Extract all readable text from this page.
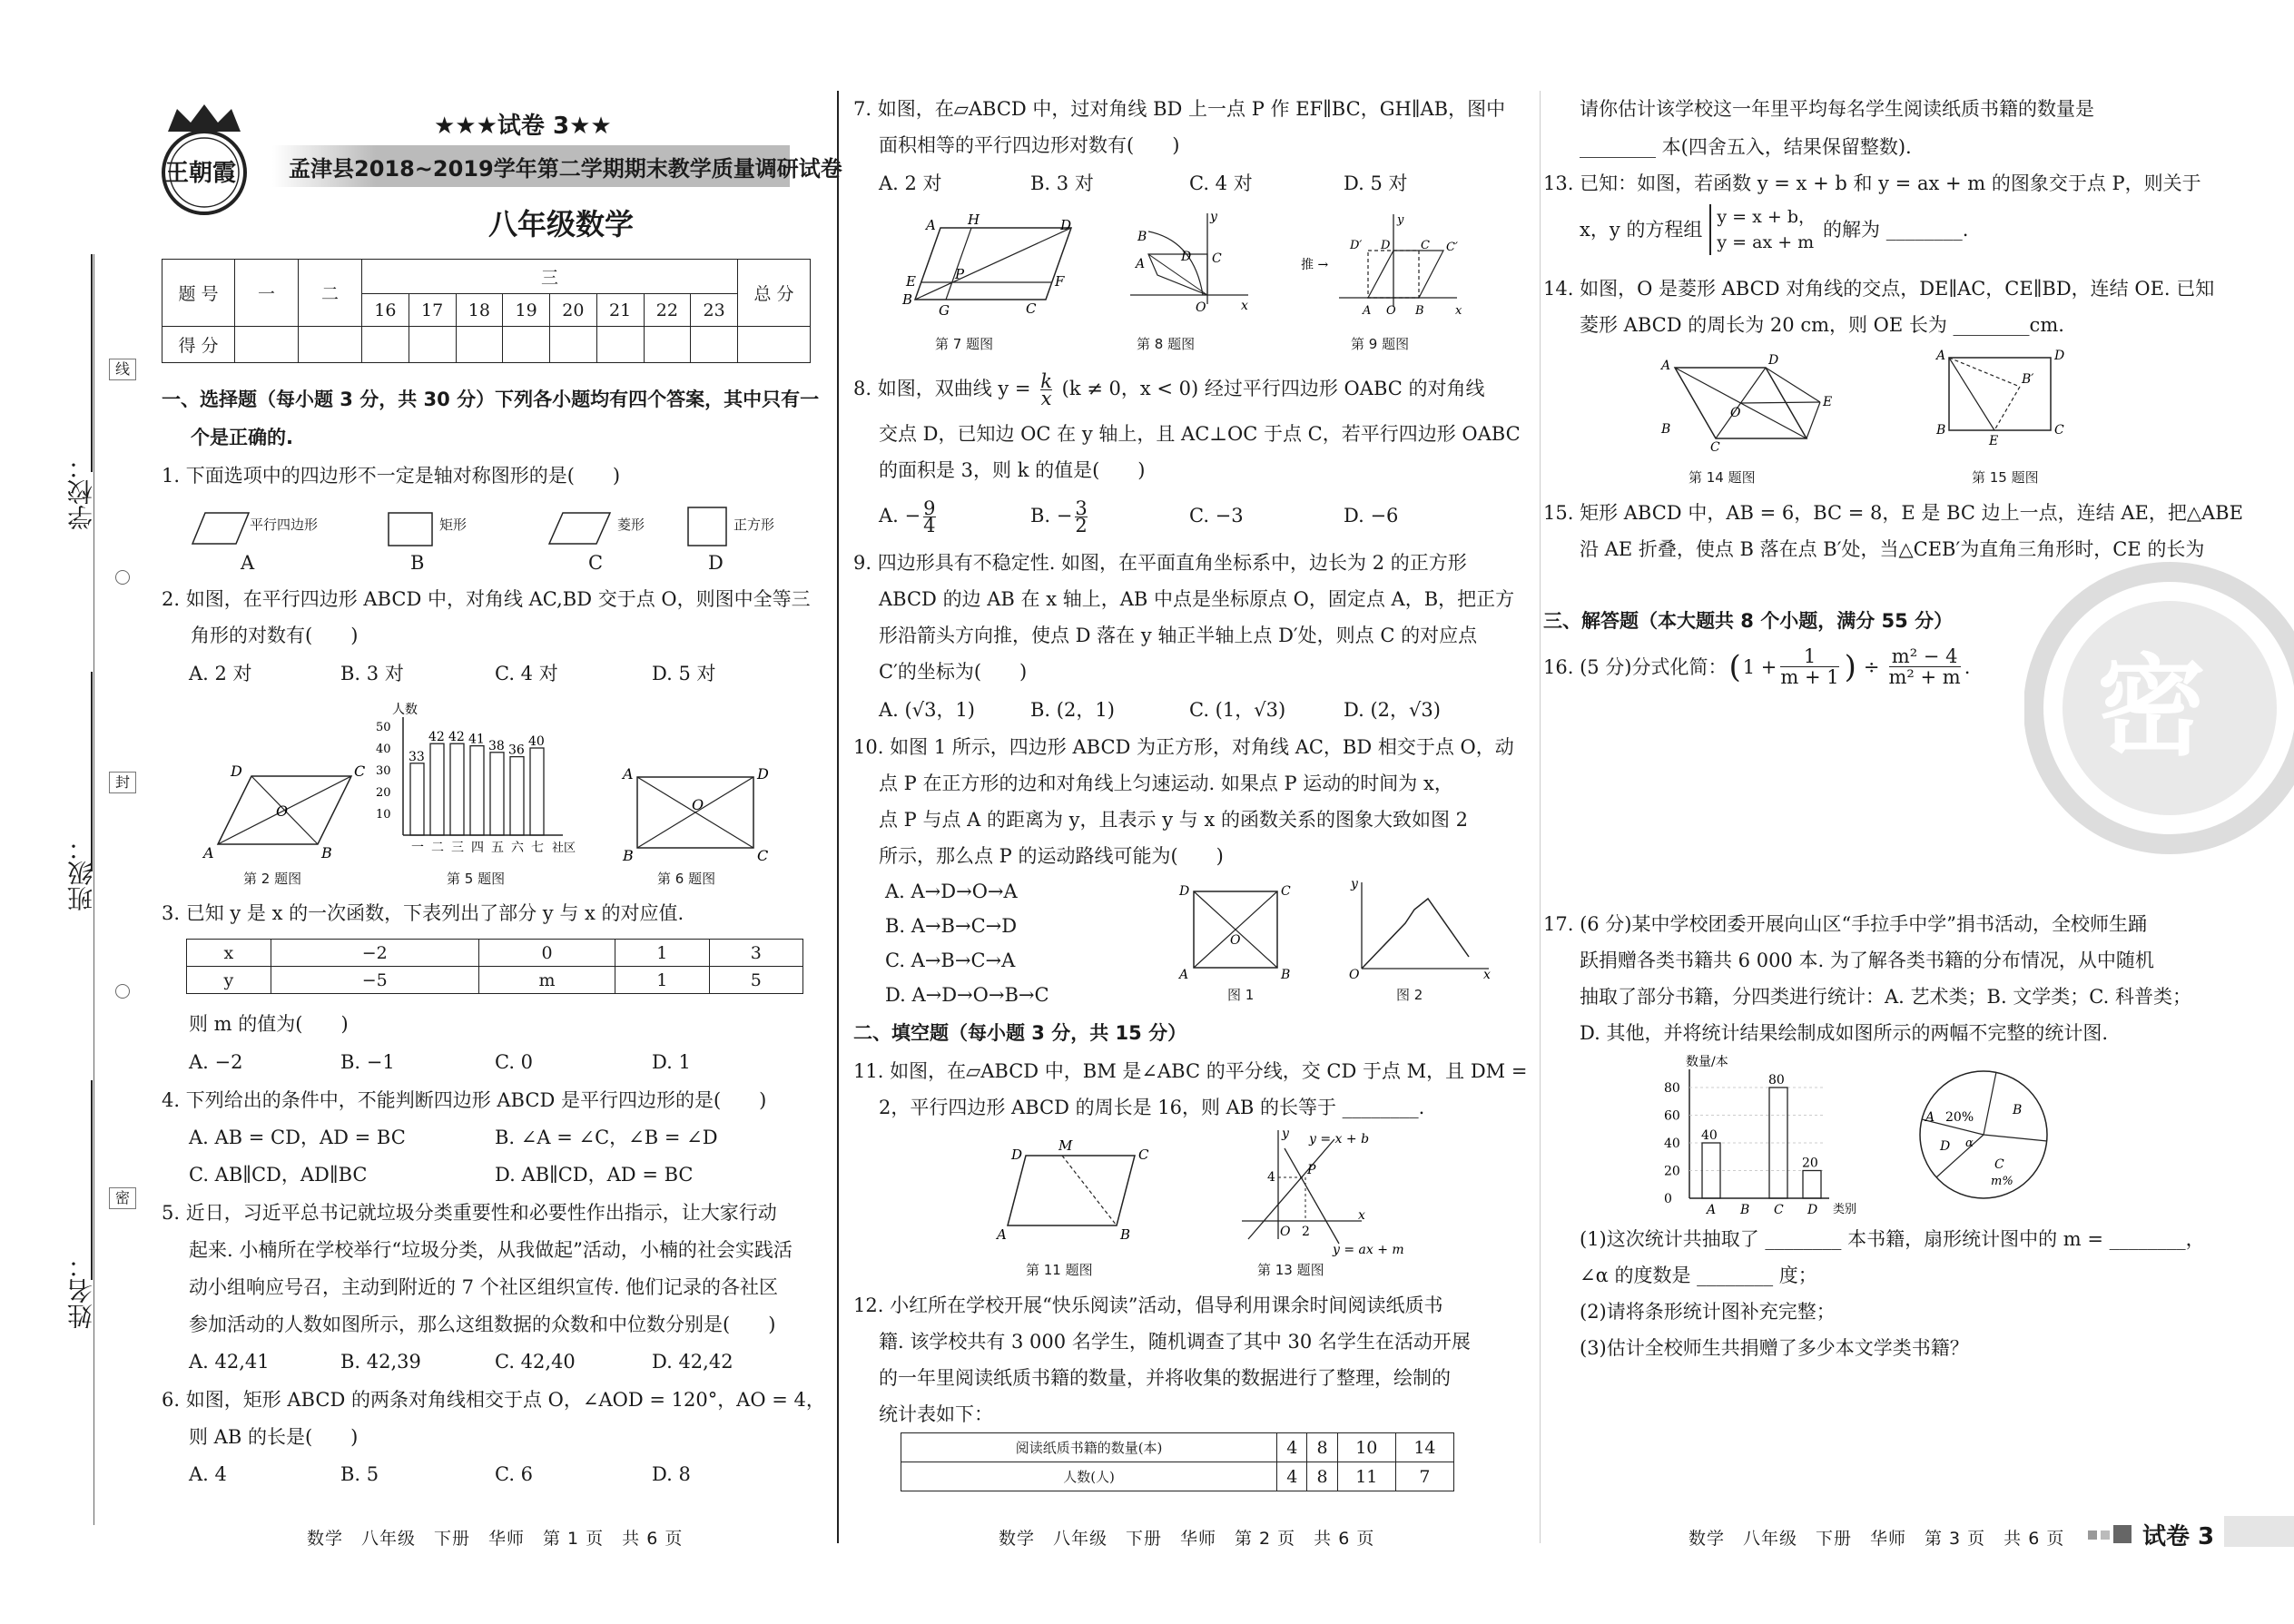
学校：
班级：
姓名：
线
封
密
王朝霞
★★★试卷 3★★
孟津县2018~2019学年第二学期期末教学质量调研试卷
八年级数学
题 号	一	二	三								总 分
			16	17	18	19	20	21	22	23	
得 分											
一、选择题（每小题 3 分，共 30 分）下列各小题均有四个答案，其中只有一
个是正确的.
1. 下面选项中的四边形不一定是轴对称图形的是(　　)
平行四边形	矩形	菱形	正方形
A	B	C	D
2. 如图，在平行四边形 ABCD 中，对角线 AC,BD 交于点 O，则图中全等三
角形的对数有(　　)
A. 2 对	B. 3 对	C. 4 对	D. 5 对
D	C
A	B
O
第 2 题图
人数
33
一
42
二
42
三
41
四
38
五
36
六
40
七 社区
10
20
30
40
50
第 5 题图
A	D
B	C
O
第 6 题图
3. 已知 y 是 x 的一次函数，下表列出了部分 y 与 x 的对应值.
x	−2	0	1	3
y	−5	m	1	5
则 m 的值为(　　)
A. −2	B. −1	C. 0	D. 1
4. 下列给出的条件中，不能判断四边形 ABCD 是平行四边形的是(　　)
A. AB = CD，AD = BC	B. ∠A = ∠C，∠B = ∠D
C. AB∥CD，AD∥BC	D. AB∥CD，AD = BC
5. 近日，习近平总书记就垃圾分类重要性和必要性作出指示，让大家行动
起来. 小楠所在学校举行“垃圾分类，从我做起”活动，小楠的社会实践活
动小组响应号召，主动到附近的 7 个社区组织宣传. 他们记录的各社区
参加活动的人数如图所示，那么这组数据的众数和中位数分别是(　　)
A. 42,41	B. 42,39	C. 42,40	D. 42,42
6. 如图，矩形 ABCD 的两条对角线相交于点 O，∠AOD = 120°，AO = 4，
则 AB 的长是(　　)
A. 4	B. 5	C. 6	D. 8
数学　八年级　下册　华师　第 1 页　共 6 页
7. 如图，在▱ABCD 中，过对角线 BD 上一点 P 作 EF∥BC，GH∥AB，图中
面积相等的平行四边形对数有(　　)
A. 2 对	B. 3 对	C. 4 对	D. 5 对
A H	D
E	P	F
B
G	C
第 7 题图
B
A	D C
y
O	x
第 8 题图
推 →
D′ D	C C′
y
A O B	x
第 9 题图
8. 如图，双曲线 $y = \frac{k}{x} (k \ne 0$，x < 0) 经过平行四边形 OABC 的对角线
交点 D，已知边 OC 在 y 轴上，且 AC⊥OC 于点 C，若平行四边形 OABC
的面积是 3，则 k 的值是(　　)
A. − $\frac{9}{4}$	B. − $\frac{3}{2}$	C. −3	D. −6
9. 四边形具有不稳定性. 如图，在平面直角坐标系中，边长为 2 的正方形
ABCD 的边 AB 在 x 轴上，AB 中点是坐标原点 O，固定点 A，B，把正方
形沿箭头方向推，使点 D 落在 y 轴正半轴上点 D′处，则点 C 的对应点
C′的坐标为(　　)
A. (√3，1)	B. (2，1)	C. (1，√3)	D. (2，√3)
10. 如图 1 所示，四边形 ABCD 为正方形，对角线 AC，BD 相交于点 O，动
点 P 在正方形的边和对角线上匀速运动. 如果点 P 运动的时间为 x，
点 P 与点 A 的距离为 y，且表示 y 与 x 的函数关系的图象大致如图 2
所示，那么点 P 的运动路线可能为(　　)
A. A→D→O→A
B. A→B→C→D
C. A→B→C→A
D. A→D→O→B→C
D	C
A	B
O
图 1
y
O	x
图 2
二、填空题（每小题 3 分，共 15 分）
11. 如图，在▱ABCD 中，BM 是∠ABC 的平分线，交 CD 于点 M，且 DM =
2，平行四边形 ABCD 的周长是 16，则 AB 的长等于 ________.
D
M
C
A	B
第 11 题图
y y = x + b
4	P
O 2
x
y = ax + m
第 13 题图
12. 小红所在学校开展“快乐阅读”活动，倡导利用课余时间阅读纸质书
籍. 该学校共有 3 000 名学生，随机调查了其中 30 名学生在活动开展
的一年里阅读纸质书籍的数量，并将收集的数据进行了整理，绘制的
统计表如下：
阅读纸质书籍的数量(本)	4	8	10	14
人数(人)	4	8	11	7
数学　八年级　下册　华师　第 2 页　共 6 页
请你估计该学校这一年里平均每名学生阅读纸质书籍的数量是
________ 本(四舍五入，结果保留整数).
13. 已知：如图，若函数 y = x + b 和 y = ax + m 的图象交于点 P，则关于
x，y 的方程组
y = x + b，
y = ax + m
的解为 ________.
14. 如图，O 是菱形 ABCD 对角线的交点，DE∥AC，CE∥BD，连结 OE. 已知
菱形 ABCD 的周长为 20 cm，则 OE 长为 ________cm.
A	D
E
O
B
C
第 14 题图
A	D
B′
B
E
C
第 15 题图
15. 矩形 ABCD 中，AB = 6，BC = 8，E 是 BC 边上一点，连结 AE，把△ABE
沿 AE 折叠，使点 B 落在点 B′处，当△CEB′为直角三角形时，CE 的长为
三、解答题（本大题共 8 个小题，满分 55 分）
16. (5 分)分式化简： ( $1 + \frac{1}{m + 1}$ ) ÷ $\frac{\text{m² − 4}}{\text{m² + m}}$ . 密
17. (6 分)某中学校团委开展向山区“手拉手中学”捐书活动，全校师生踊
跃捐赠各类书籍共 6 000 本. 为了解各类书籍的分布情况，从中随机
抽取了部分书籍，分四类进行统计：A. 艺术类；B. 文学类；C. 科普类；
D. 其他，并将统计结果绘制成如图所示的两幅不完整的统计图.
数量/本
类别
0
20
40
60
80
40
A B
80
C
20
D
A 20%	B
C
m%
D α
(1)这次统计共抽取了 ________ 本书籍，扇形统计图中的 m = ________，
∠α 的度数是 ________ 度；
(2)请将条形统计图补充完整；
(3)估计全校师生共捐赠了多少本文学类书籍？
数学　八年级　下册　华师　第 3 页　共 6 页	试卷 3
